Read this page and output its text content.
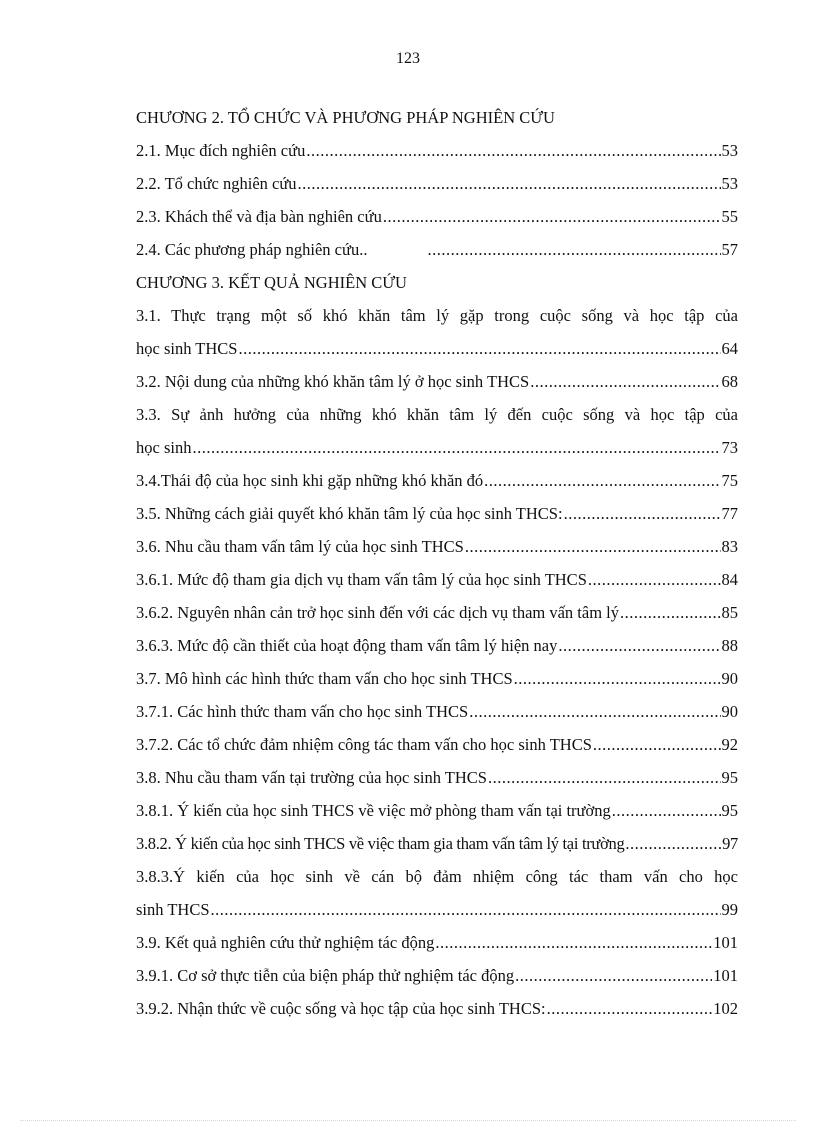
123
CHƯƠNG 2. TỔ CHỨC VÀ PHƯƠNG PHÁP NGHIÊN CỨU
2.1. Mục đích nghiên cứu .....	53
2.2. Tổ chức nghiên cứu .....	53
2.3. Khách thể và địa bàn nghiên cứu .....	55
2.4. Các phương pháp nghiên cứu.. .....	57
CHƯƠNG 3. KẾT QUẢ NGHIÊN CỨU
3.1. Thực trạng một số khó khăn tâm lý gặp trong cuộc sống và học tập của
học sinh THCS .....	64
3.2. Nội dung của những khó khăn tâm lý ở học sinh THCS .....	68
3.3. Sự ảnh hưởng của những khó khăn tâm lý đến cuộc sống và học tập của
học sinh .....	73
3.4.Thái độ của học sinh khi gặp những khó khăn đó .....	75
3.5. Những cách giải quyết khó khăn tâm lý của học sinh THCS: .....	77
3.6. Nhu cầu tham vấn tâm lý của học sinh THCS .....	83
3.6.1. Mức độ tham gia dịch vụ tham vấn tâm lý của học sinh THCS .....	84
3.6.2. Nguyên nhân cản trở học sinh đến với các dịch vụ tham vấn tâm lý .....	85
3.6.3. Mức độ cần thiết của hoạt động tham vấn tâm lý hiện nay .....	88
3.7. Mô hình các hình thức tham vấn cho học sinh THCS .....	90
3.7.1. Các hình thức tham vấn cho học sinh THCS .....	90
3.7.2. Các tổ chức đảm nhiệm công tác tham vấn cho học sinh THCS .....	92
3.8. Nhu cầu tham vấn tại trường của học sinh THCS .....	95
3.8.1. Ý kiến của học sinh THCS về việc mở phòng tham vấn tại trường .....	95
3.8.2. Ý kiến của học sinh THCS về việc tham gia tham vấn tâm lý tại trường .....	97
3.8.3.Ý kiến của học sinh về cán bộ đảm nhiệm công tác tham vấn cho học
sinh THCS .....	99
3.9. Kết quả nghiên cứu thử nghiệm tác động .....	101
3.9.1. Cơ sở thực tiễn của biện pháp thử nghiệm tác động .....	101
3.9.2. Nhận thức về cuộc sống và học tập của học sinh THCS: .....	102
